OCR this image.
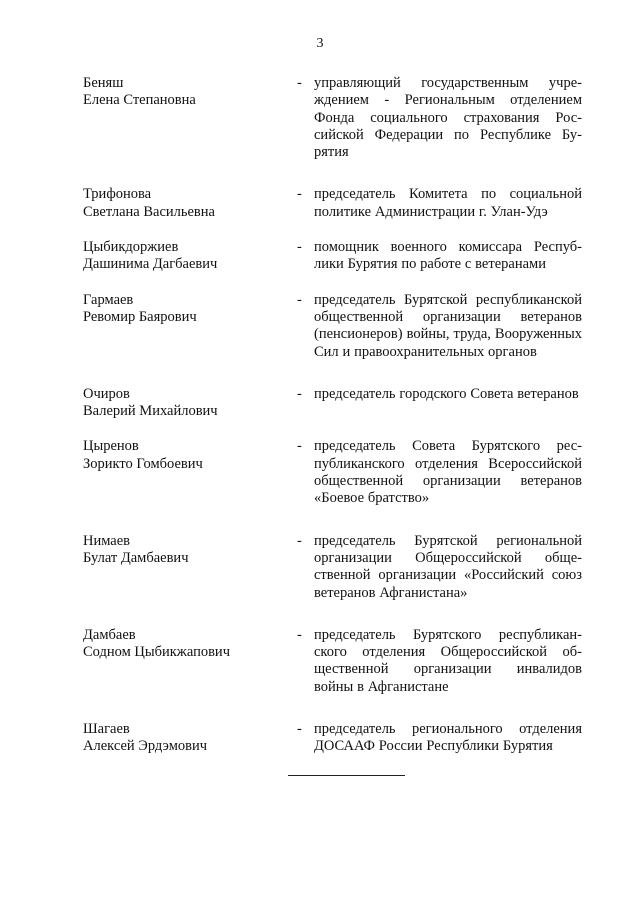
3
Беняш
Елена Степановна
- управляющий государственным учреждением - Региональным отделением Фонда социального страхования Российской Федерации по Республике Бурятия
Трифонова
Светлана Васильевна
- председатель Комитета по социальной политике Администрации г. Улан-Удэ
Цыбикдоржиев
Дашинима Дагбаевич
- помощник военного комиссара Республики Бурятия по работе с ветеранами
Гармаев
Ревомир Баярович
- председатель Бурятской республиканской общественной организации ветеранов (пенсионеров) войны, труда, Вооруженных Сил и правоохранительных органов
Очиров
Валерий Михайлович
- председатель городского Совета ветеранов
Цыренов
Зорикто Гомбоевич
- председатель Совета Бурятского республиканского отделения Всероссийской общественной организации ветеранов «Боевое братство»
Нимаев
Булат Дамбаевич
- председатель Бурятской региональной организации Общероссийской общественной организации «Российский союз ветеранов Афганистана»
Дамбаев
Содном Цыбикжапович
- председатель Бурятского республиканского отделения Общероссийской общественной организации инвалидов войны в Афганистане
Шагаев
Алексей Эрдэмович
- председатель регионального отделения ДОСААФ России Республики Бурятия
